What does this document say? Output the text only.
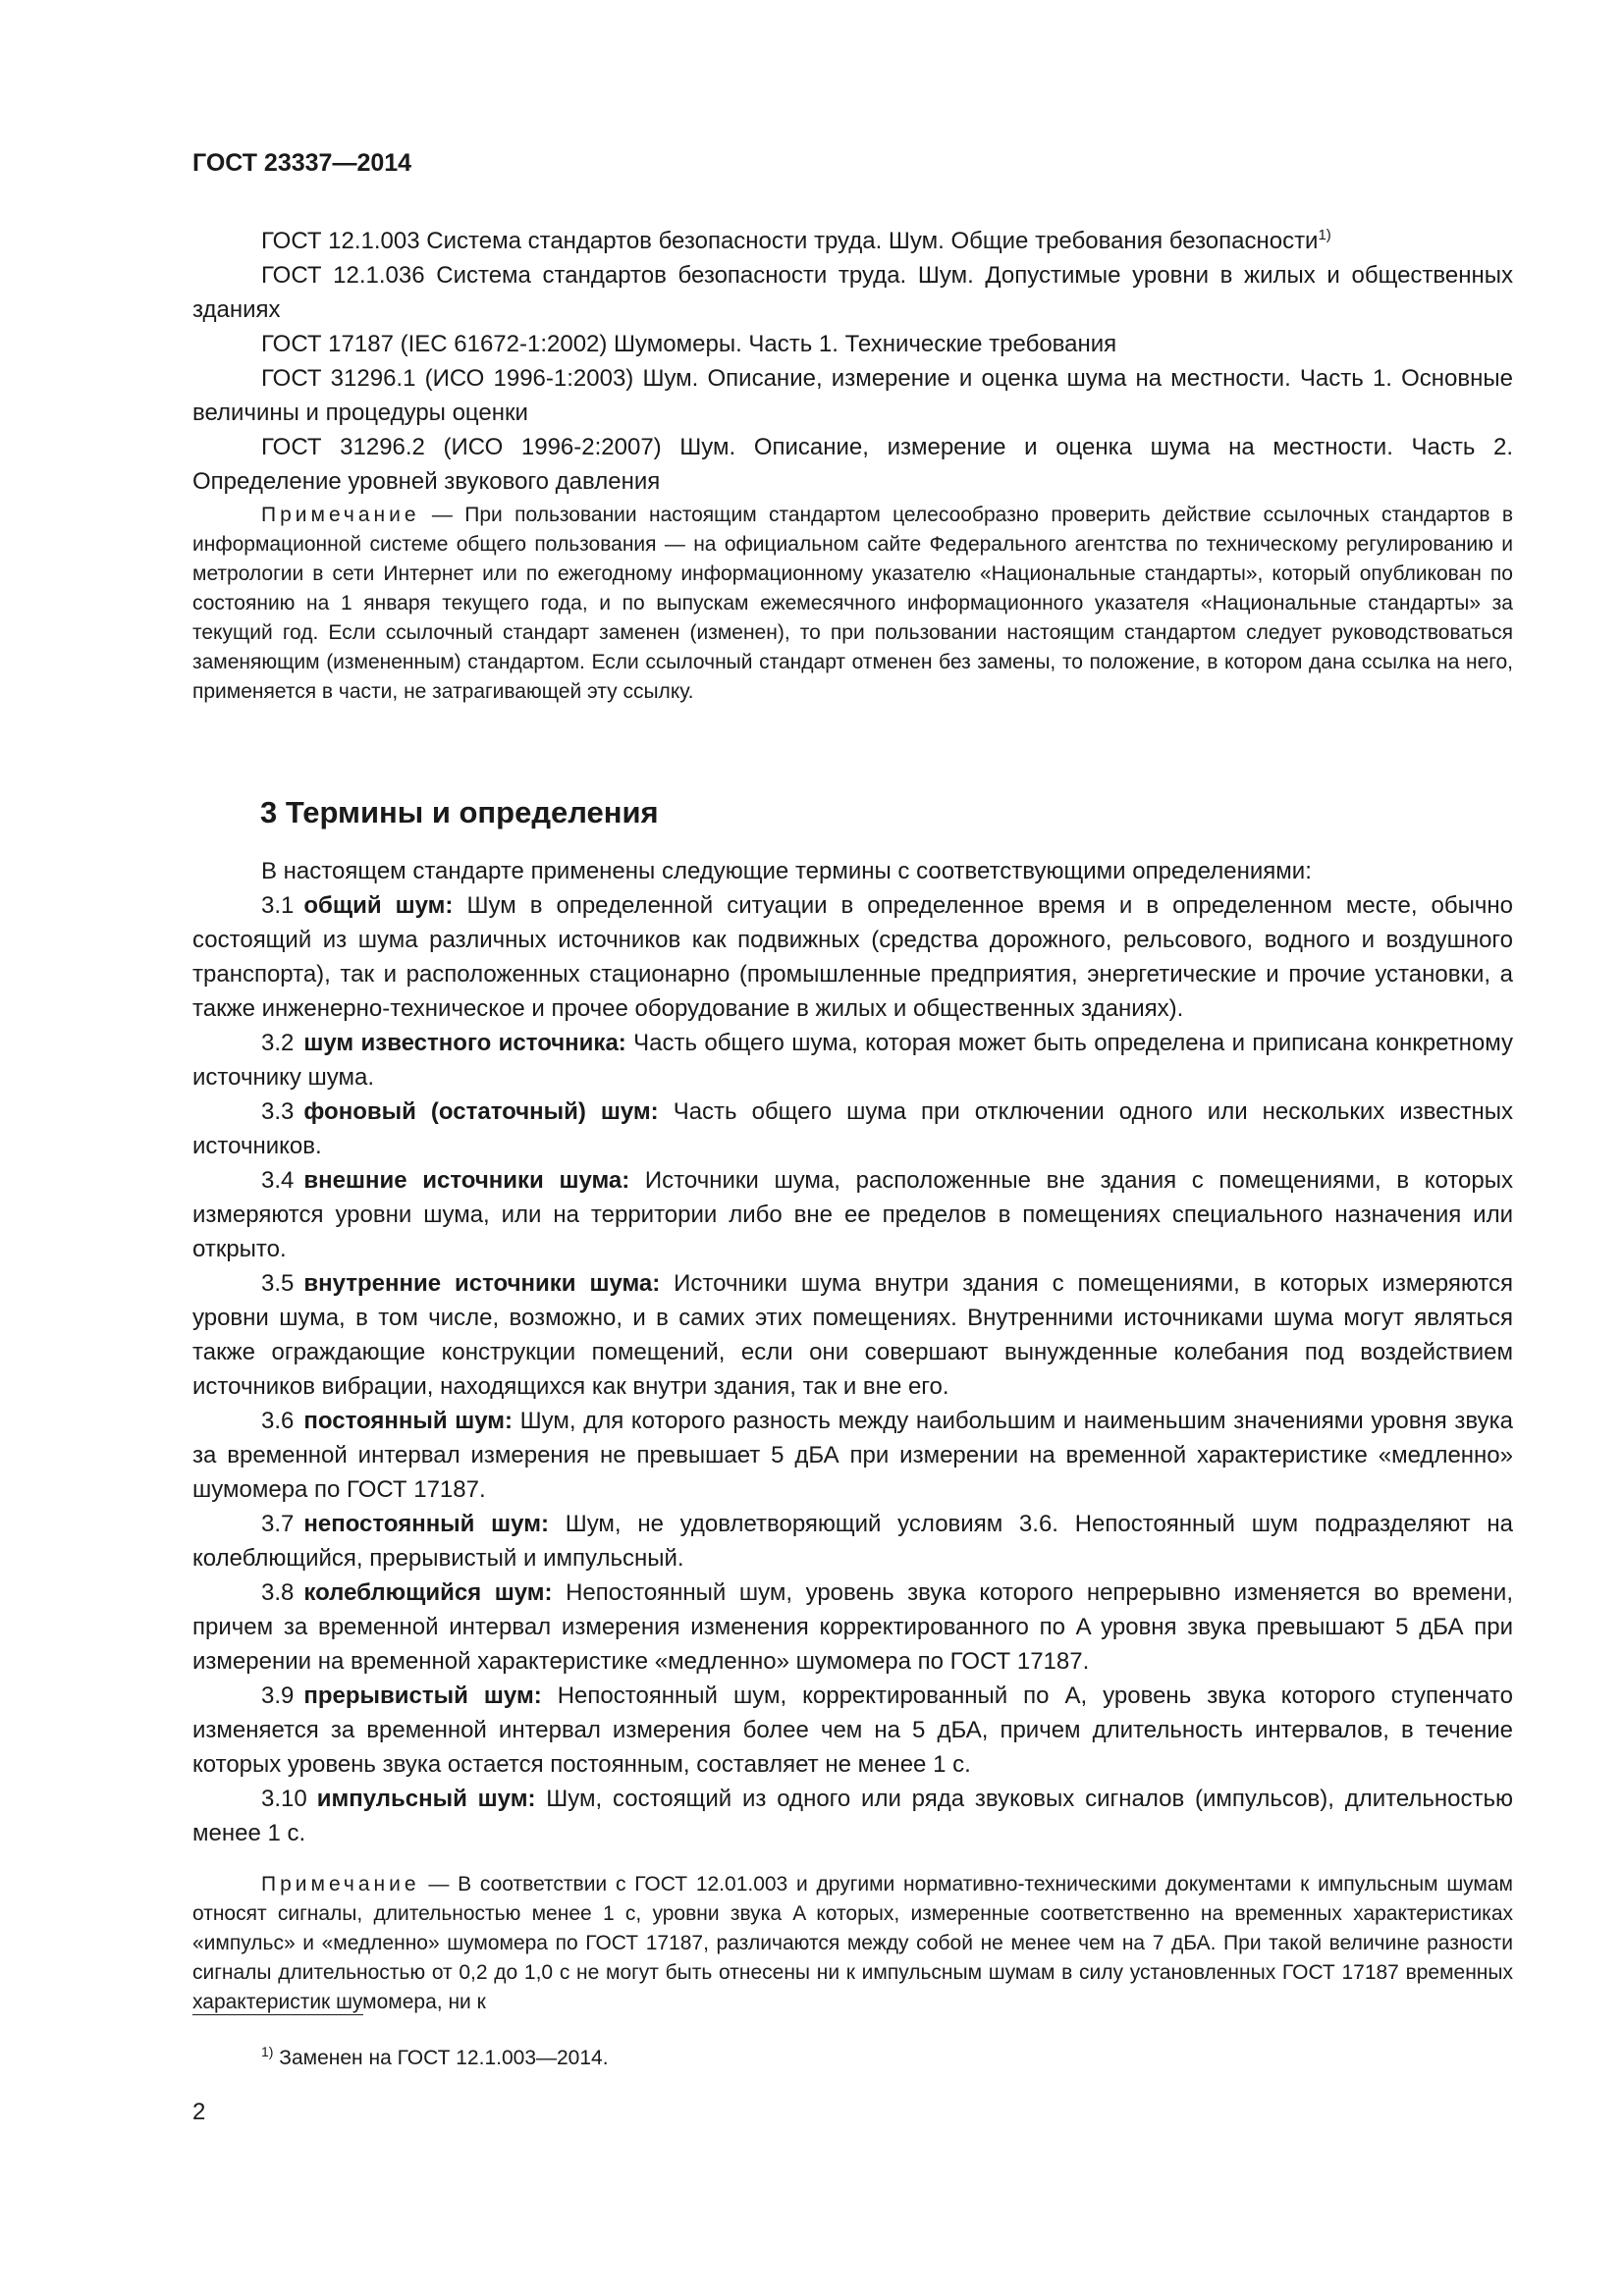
ГОСТ 23337—2014

ГОСТ 12.1.003 Система стандартов безопасности труда. Шум. Общие требования безопасности$^{1)}$

ГОСТ 12.1.036 Система стандартов безопасности труда. Шум. Допустимые уровни в жилых и общественных зданиях

ГОСТ 17187 (IEC 61672-1:2002) Шумомеры. Часть 1. Технические требования

ГОСТ 31296.1 (ИСО 1996-1:2003) Шум. Описание, измерение и оценка шума на местности. Часть 1. Основные величины и процедуры оценки

ГОСТ 31296.2 (ИСО 1996-2:2007) Шум. Описание, измерение и оценка шума на местности. Часть 2. Определение уровней звукового давления

Примечание — При пользовании настоящим стандартом целесообразно проверить действие ссылочных стандартов в информационной системе общего пользования — на официальном сайте Федерального агентства по техническому регулированию и метрологии в сети Интернет или по ежегодному информационному указателю «Национальные стандарты», который опубликован по состоянию на 1 января текущего года, и по выпускам ежемесячного информационного указателя «Национальные стандарты» за текущий год. Если ссылочный стандарт заменен (изменен), то при пользовании настоящим стандартом следует руководствоваться заменяющим (измененным) стандартом. Если ссылочный стандарт отменен без замены, то положение, в котором дана ссылка на него, применяется в части, не затрагивающей эту ссылку.
3 Термины и определения

В настоящем стандарте применены следующие термины с соответствующими определениями:

3.1 общий шум: Шум в определенной ситуации в определенное время и в определенном месте, обычно состоящий из шума различных источников как подвижных (средства дорожного, рельсового, водного и воздушного транспорта), так и расположенных стационарно (промышленные предприятия, энергетические и прочие установки, а также инженерно-техническое и прочее оборудование в жилых и общественных зданиях).

3.2 шум известного источника: Часть общего шума, которая может быть определена и приписана конкретному источнику шума.

3.3 фоновый (остаточный) шум: Часть общего шума при отключении одного или нескольких известных источников.

3.4 внешние источники шума: Источники шума, расположенные вне здания с помещениями, в которых измеряются уровни шума, или на территории либо вне ее пределов в помещениях специального назначения или открыто.

3.5 внутренние источники шума: Источники шума внутри здания с помещениями, в которых измеряются уровни шума, в том числе, возможно, и в самих этих помещениях. Внутренними источниками шума могут являться также ограждающие конструкции помещений, если они совершают вынужденные колебания под воздействием источников вибрации, находящихся как внутри здания, так и вне его.

3.6 постоянный шум: Шум, для которого разность между наибольшим и наименьшим значениями уровня звука за временной интервал измерения не превышает 5 дБА при измерении на временной характеристике «медленно» шумомера по ГОСТ 17187.

3.7 непостоянный шум: Шум, не удовлетворяющий условиям 3.6. Непостоянный шум подразделяют на колеблющийся, прерывистый и импульсный.

3.8 колеблющийся шум: Непостоянный шум, уровень звука которого непрерывно изменяется во времени, причем за временной интервал измерения изменения корректированного по A уровня звука превышают 5 дБА при измерении на временной характеристике «медленно» шумомера по ГОСТ 17187.

3.9 прерывистый шум: Непостоянный шум, корректированный по A, уровень звука которого ступенчато изменяется за временной интервал измерения более чем на 5 дБА, причем длительность интервалов, в течение которых уровень звука остается постоянным, составляет не менее 1 с.

3.10 импульсный шум: Шум, состоящий из одного или ряда звуковых сигналов (импульсов), длительностью менее 1 с.

Примечание — В соответствии с ГОСТ 12.01.003 и другими нормативно-техническими документами к импульсным шумам относят сигналы, длительностью менее 1 с, уровни звука A которых, измеренные соответственно на временных характеристиках «импульс» и «медленно» шумомера по ГОСТ 17187, различаются между собой не менее чем на 7 дБА. При такой величине разности сигналы длительностью от 0,2 до 1,0 с не могут быть отнесены ни к импульсным шумам в силу установленных ГОСТ 17187 временных характеристик шумомера, ни к
$^{1)}$ Заменен на ГОСТ 12.1.003—2014.
2
